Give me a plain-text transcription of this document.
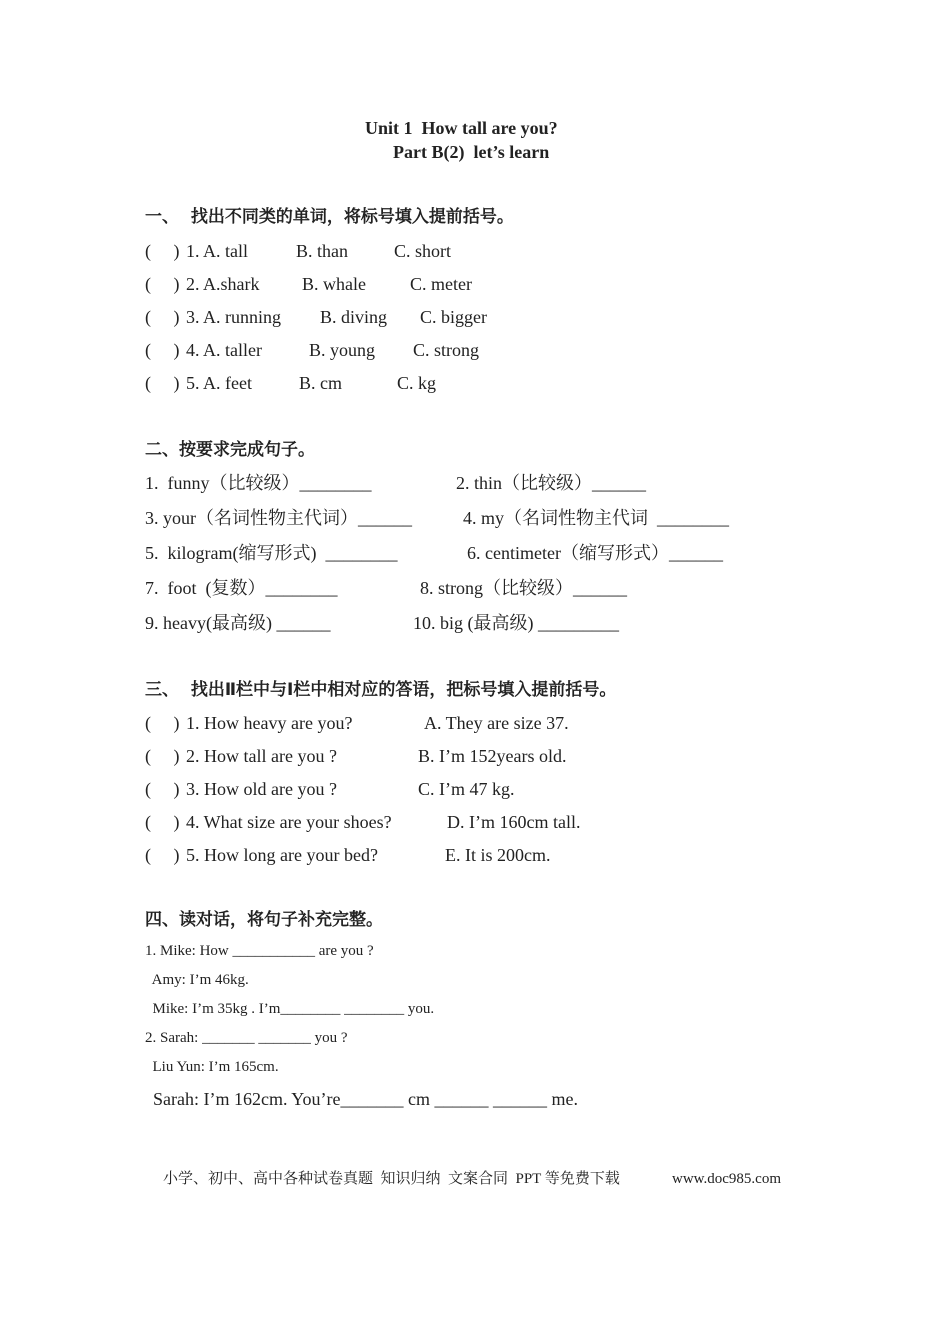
Unit 1  How tall are you?
Part B(2)  let’s learn
一、  找出不同类的单词，将标号填入提前括号。
(     ) 1. A. tall	B. than	C. short
(     ) 2. A.shark B. whale C. meter
(     ) 3. A. running B. diving C. bigger
(     ) 4. A. taller	B. young C. strong
(     ) 5. A. feet	B. cm	C. kg
二、按要求完成句子。
1.  funny（比较级）________	2. thin（比较级）______
3. your（名词性物主代词）______	4. my（名词性物主代词  ________
5.  kilogram(缩写形式)  ________	6. centimeter（缩写形式）______
7.  foot  (复数）________	8. strong（比较级）______
9. heavy(最高级) ______	10. big (最高级) _________
三、  找出Ⅱ栏中与Ⅰ栏中相对应的答语，把标号填入提前括号。
(     ) 1. How heavy are you?	A. They are size 37.
(     ) 2. How tall are you ?	B. I’m 152years old.
(     ) 3. How old are you ?	C. I’m 47 kg.
(     ) 4. What size are your shoes?	D. I’m 160cm tall.
(     ) 5. How long are your bed?	E. It is 200cm.
四、读对话，将句子补充完整。
1. Mike: How ___________ are you ?
Amy: I’m 46kg.
Mike: I’m 35kg . I’m________ ________ you.
2. Sarah: _______ _______ you ?
Liu Yun: I’m 165cm.
Sarah: I’m 162cm. You’re_______ cm ______ ______ me.
小学、初中、高中各种试卷真题  知识归纳  文案合同  PPT 等免费下载	www.doc985.com
